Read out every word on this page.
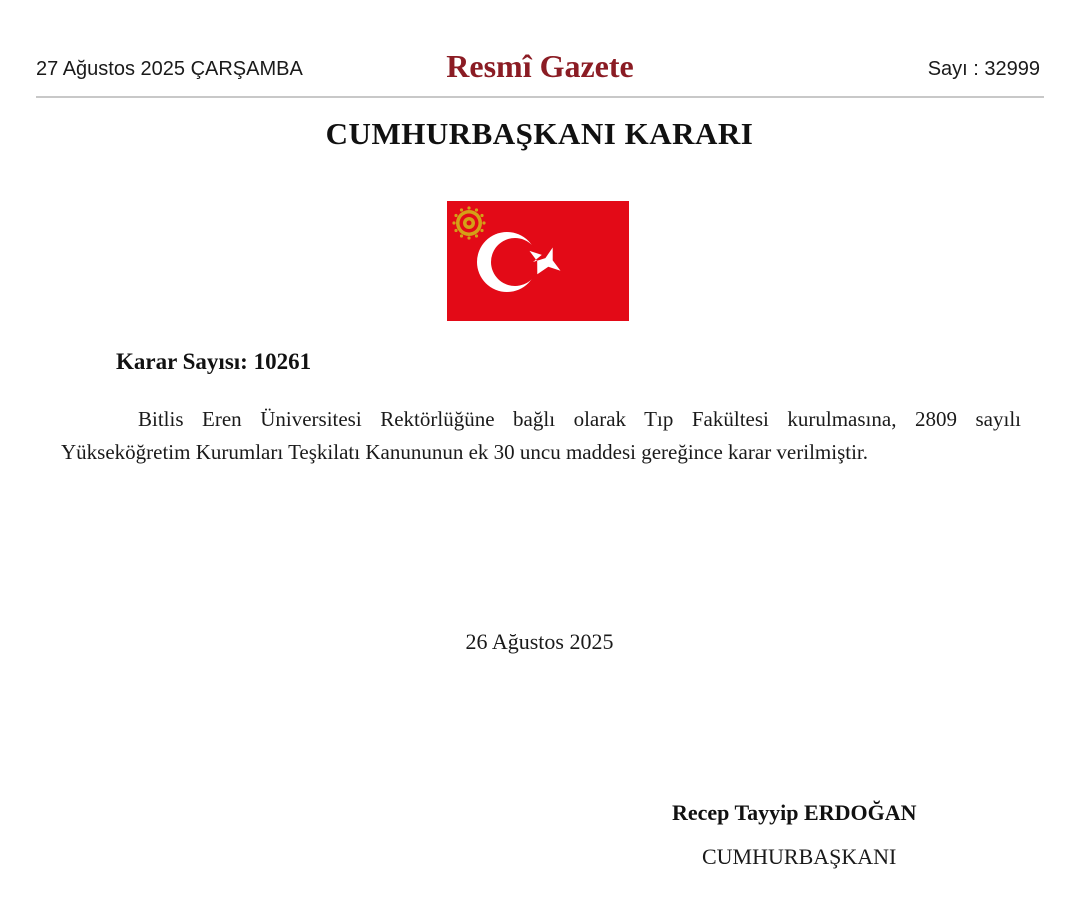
27 Ağustos 2025 ÇARŞAMBA	Resmî Gazete	Sayı : 32999
CUMHURBAŞKANI KARARI
Karar Sayısı: 10261
Bitlis Eren Üniversitesi Rektörlüğüne bağlı olarak Tıp Fakültesi kurulmasına, 2809 sayılı Yükseköğretim Kurumları Teşkilatı Kanununun ek 30 uncu maddesi gereğince karar verilmiştir.
26 Ağustos 2025
Recep Tayyip ERDOĞAN
CUMHURBAŞKANI
